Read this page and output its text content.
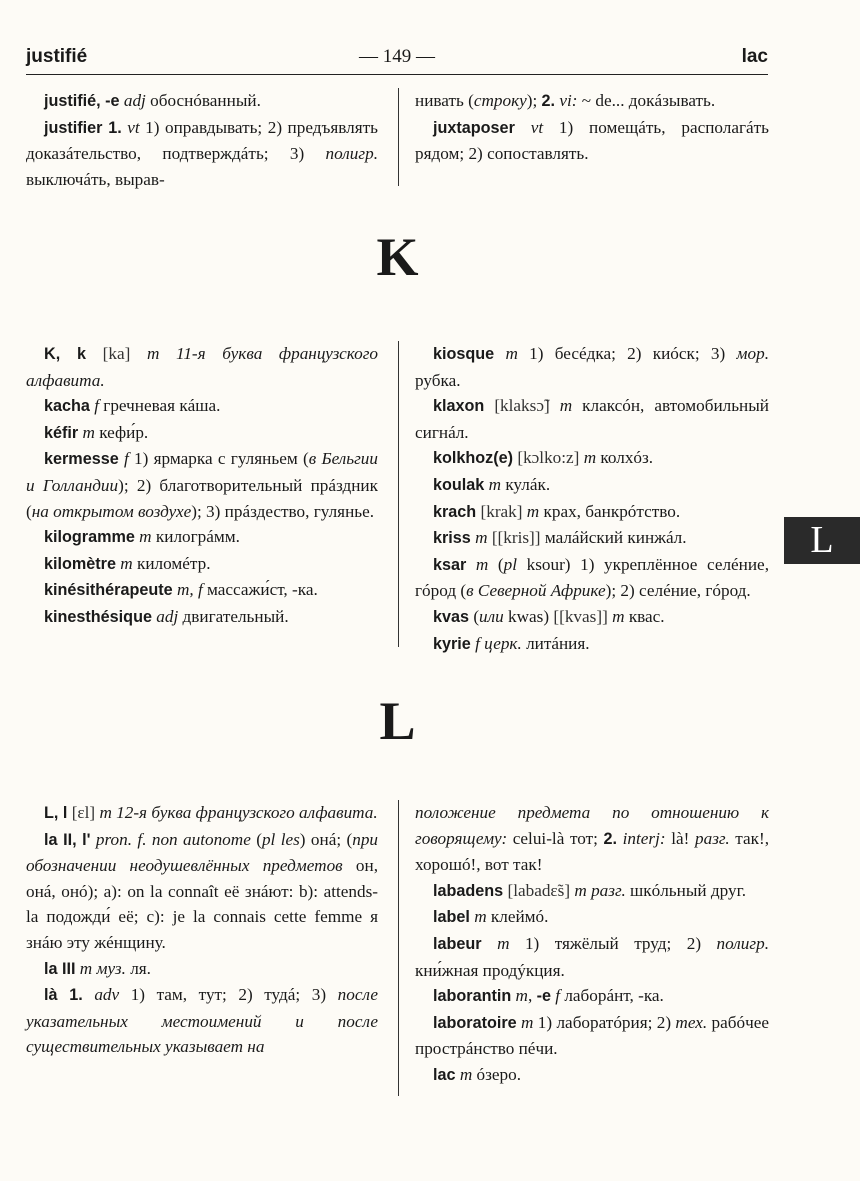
justifié	— 149 —	lac

justifié, -e adj обоснóванный.

justifier 1. vt 1) оправдывать; 2) предъявлять доказáтельство, подтверждáть; 3) полигр. выключáть, вырав-

нивать (строку); 2. vi: ~ de... докáзывать.

juxtaposer vt 1) помещáть, располагáть рядом; 2) сопоставлять.

K

K, k [ka] m 11-я буква французского алфавита.

kacha f гречневая кáша.

kéfir m кефи́р.

kermesse f 1) ярмарка с гуляньем (в Бельгии и Голландии); 2) благотворительный прáздник (на открытом воздухе); 3) прáздество, гулянье.

kilogramme m килогрáмм.

kilomètre m киломéтр.

kinésithérapeute m, f массажи́ст, -ка.

kinesthésique adj двигательный.

kiosque m 1) бесéдка; 2) киóск; 3) мор. рубка.

klaxon [klaksɔ̃] m клаксóн, автомобильный сигнáл.

kolkhoz(e) [kɔlko:z] m колхóз.

koulak m кулáк.

krach [krak] m крах, банкрóтство.

kriss m [[kris]] малáйский кинжáл.

ksar m (pl ksour) 1) укреплённое селéние, гóрод (в Северной Африке); 2) селéние, гóрод.

kvas (или kwas) [[kvas]] m квас.

kyrie f церк. литáния.

L
L

L, l [ɛl] m 12-я буква французского алфавита.

la II, l' pron. f. non autonome (pl les) онá; (при обозначении неодушевлённых предметов он, онá, онó); а): on la connaît её знáют: b): attends-la подожди́ её; с): je la connais cette femme я знáю эту жéнщину.

la III m муз. ля.

là 1. adv 1) там, тут; 2) тудá; 3) после указательных местоимений и после существительных указывает на

положение предмета по отношению к говорящему: celui-là тот; 2. interj: là! разг. так!, хорошó!, вот так!

labadens [labadɛ̃s] m разг. шкóльный друг.

label m клеймó.

labeur m 1) тяжёлый труд; 2) полигр. кни́жная продýкция.

laborantin m, -e f лаборáнт, -ка.

laboratoire m 1) лаборатóрия; 2) тех. рабóчее прострáнство пéчи.

lac m óзеро.
